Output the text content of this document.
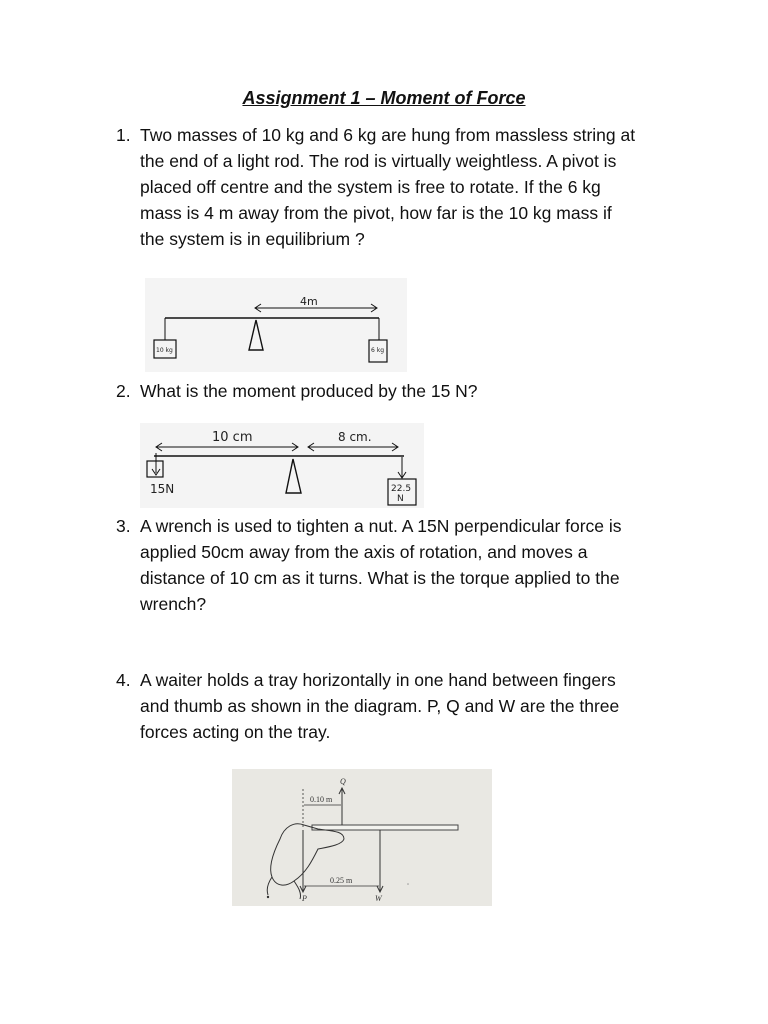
Assignment 1 – Moment of Force
1. Two masses of 10 kg and 6 kg are hung from massless string at
the end of a light rod. The rod is virtually weightless. A pivot is
placed off centre and the system is free to rotate. If the 6 kg
mass is 4 m away from the pivot, how far is the 10 kg mass if
the system is in equilibrium ?
10 kg	6 kg
4m
2. What is the moment produced by the 15 N?
10 cm	8 cm.
15N	22.5
N
3. A wrench is used to tighten a nut. A 15N perpendicular force is
applied 50cm away from the axis of rotation, and moves a
distance of 10 cm as it turns. What is the torque applied to the
wrench?
4. A waiter holds a tray horizontally in one hand between fingers
and thumb as shown in the diagram. P, Q and W are the three
forces acting on the tray.
Q
0.10 m
P	W
0.25 m
